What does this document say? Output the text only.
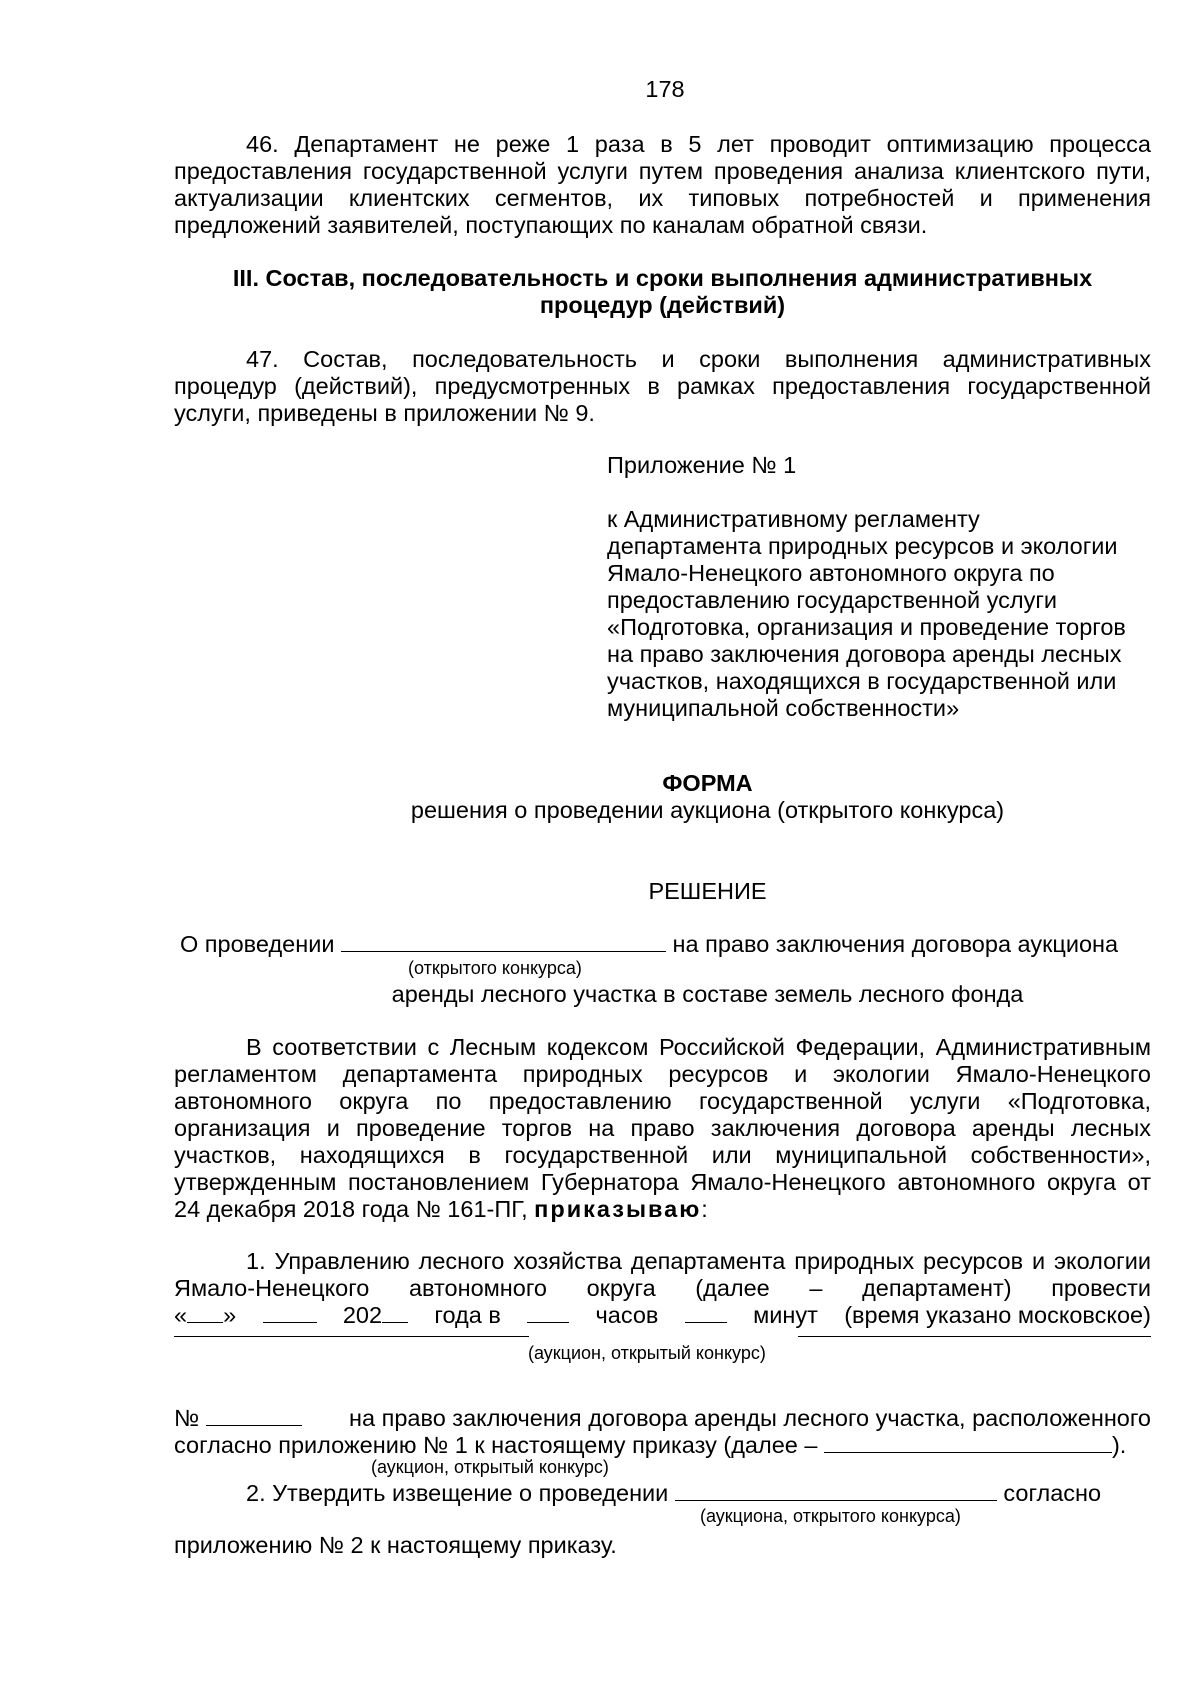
178
46. Департамент не реже 1 раза в 5 лет проводит оптимизацию процесса предоставления государственной услуги путем проведения анализа клиентского пути, актуализации клиентских сегментов, их типовых потребностей и применения предложений заявителей, поступающих по каналам обратной связи.
III. Состав, последовательность и сроки выполнения административных
процедур (действий)
47. Состав, последовательность и сроки выполнения административных процедур (действий), предусмотренных в рамках предоставления государственной услуги, приведены в приложении № 9.
Приложение № 1
к Административному регламенту
департамента природных ресурсов и экологии
Ямало-Ненецкого автономного округа по
предоставлению государственной услуги
«Подготовка, организация и проведение торгов
на право заключения договора аренды лесных
участков, находящихся в государственной или
муниципальной собственности»
ФОРМА
решения о проведении аукциона (открытого конкурса)
РЕШЕНИЕ
О проведении	на право заключения договора аукциона
(открытого конкурса)
аренды лесного участка в составе земель лесного фонда
В соответствии с Лесным кодексом Российской Федерации, Административным регламентом департамента природных ресурсов и экологии Ямало-Ненецкого автономного округа по предоставлению государственной услуги «Подготовка, организация и проведение торгов на право заключения договора аренды лесных участков, находящихся в государственной или муниципальной собственности», утвержденным постановлением Губернатора Ямало-Ненецкого автономного округа от 24 декабря 2018 года № 161-ПГ, приказываю:
1. Управлению лесного хозяйства департамента природных ресурсов и экологии Ямало-Ненецкого автономного округа (далее – департамент) провести
« »	202	года в	часов	минут (время указано московское)
(аукцион, открытый конкурс)
№	на право заключения договора аренды лесного участка, расположенного
согласно приложению № 1 к настоящему приказу (далее –	).
(аукцион, открытый конкурс)
2. Утвердить извещение о проведении	согласно
(аукциона, открытого конкурса)
приложению № 2 к настоящему приказу.
